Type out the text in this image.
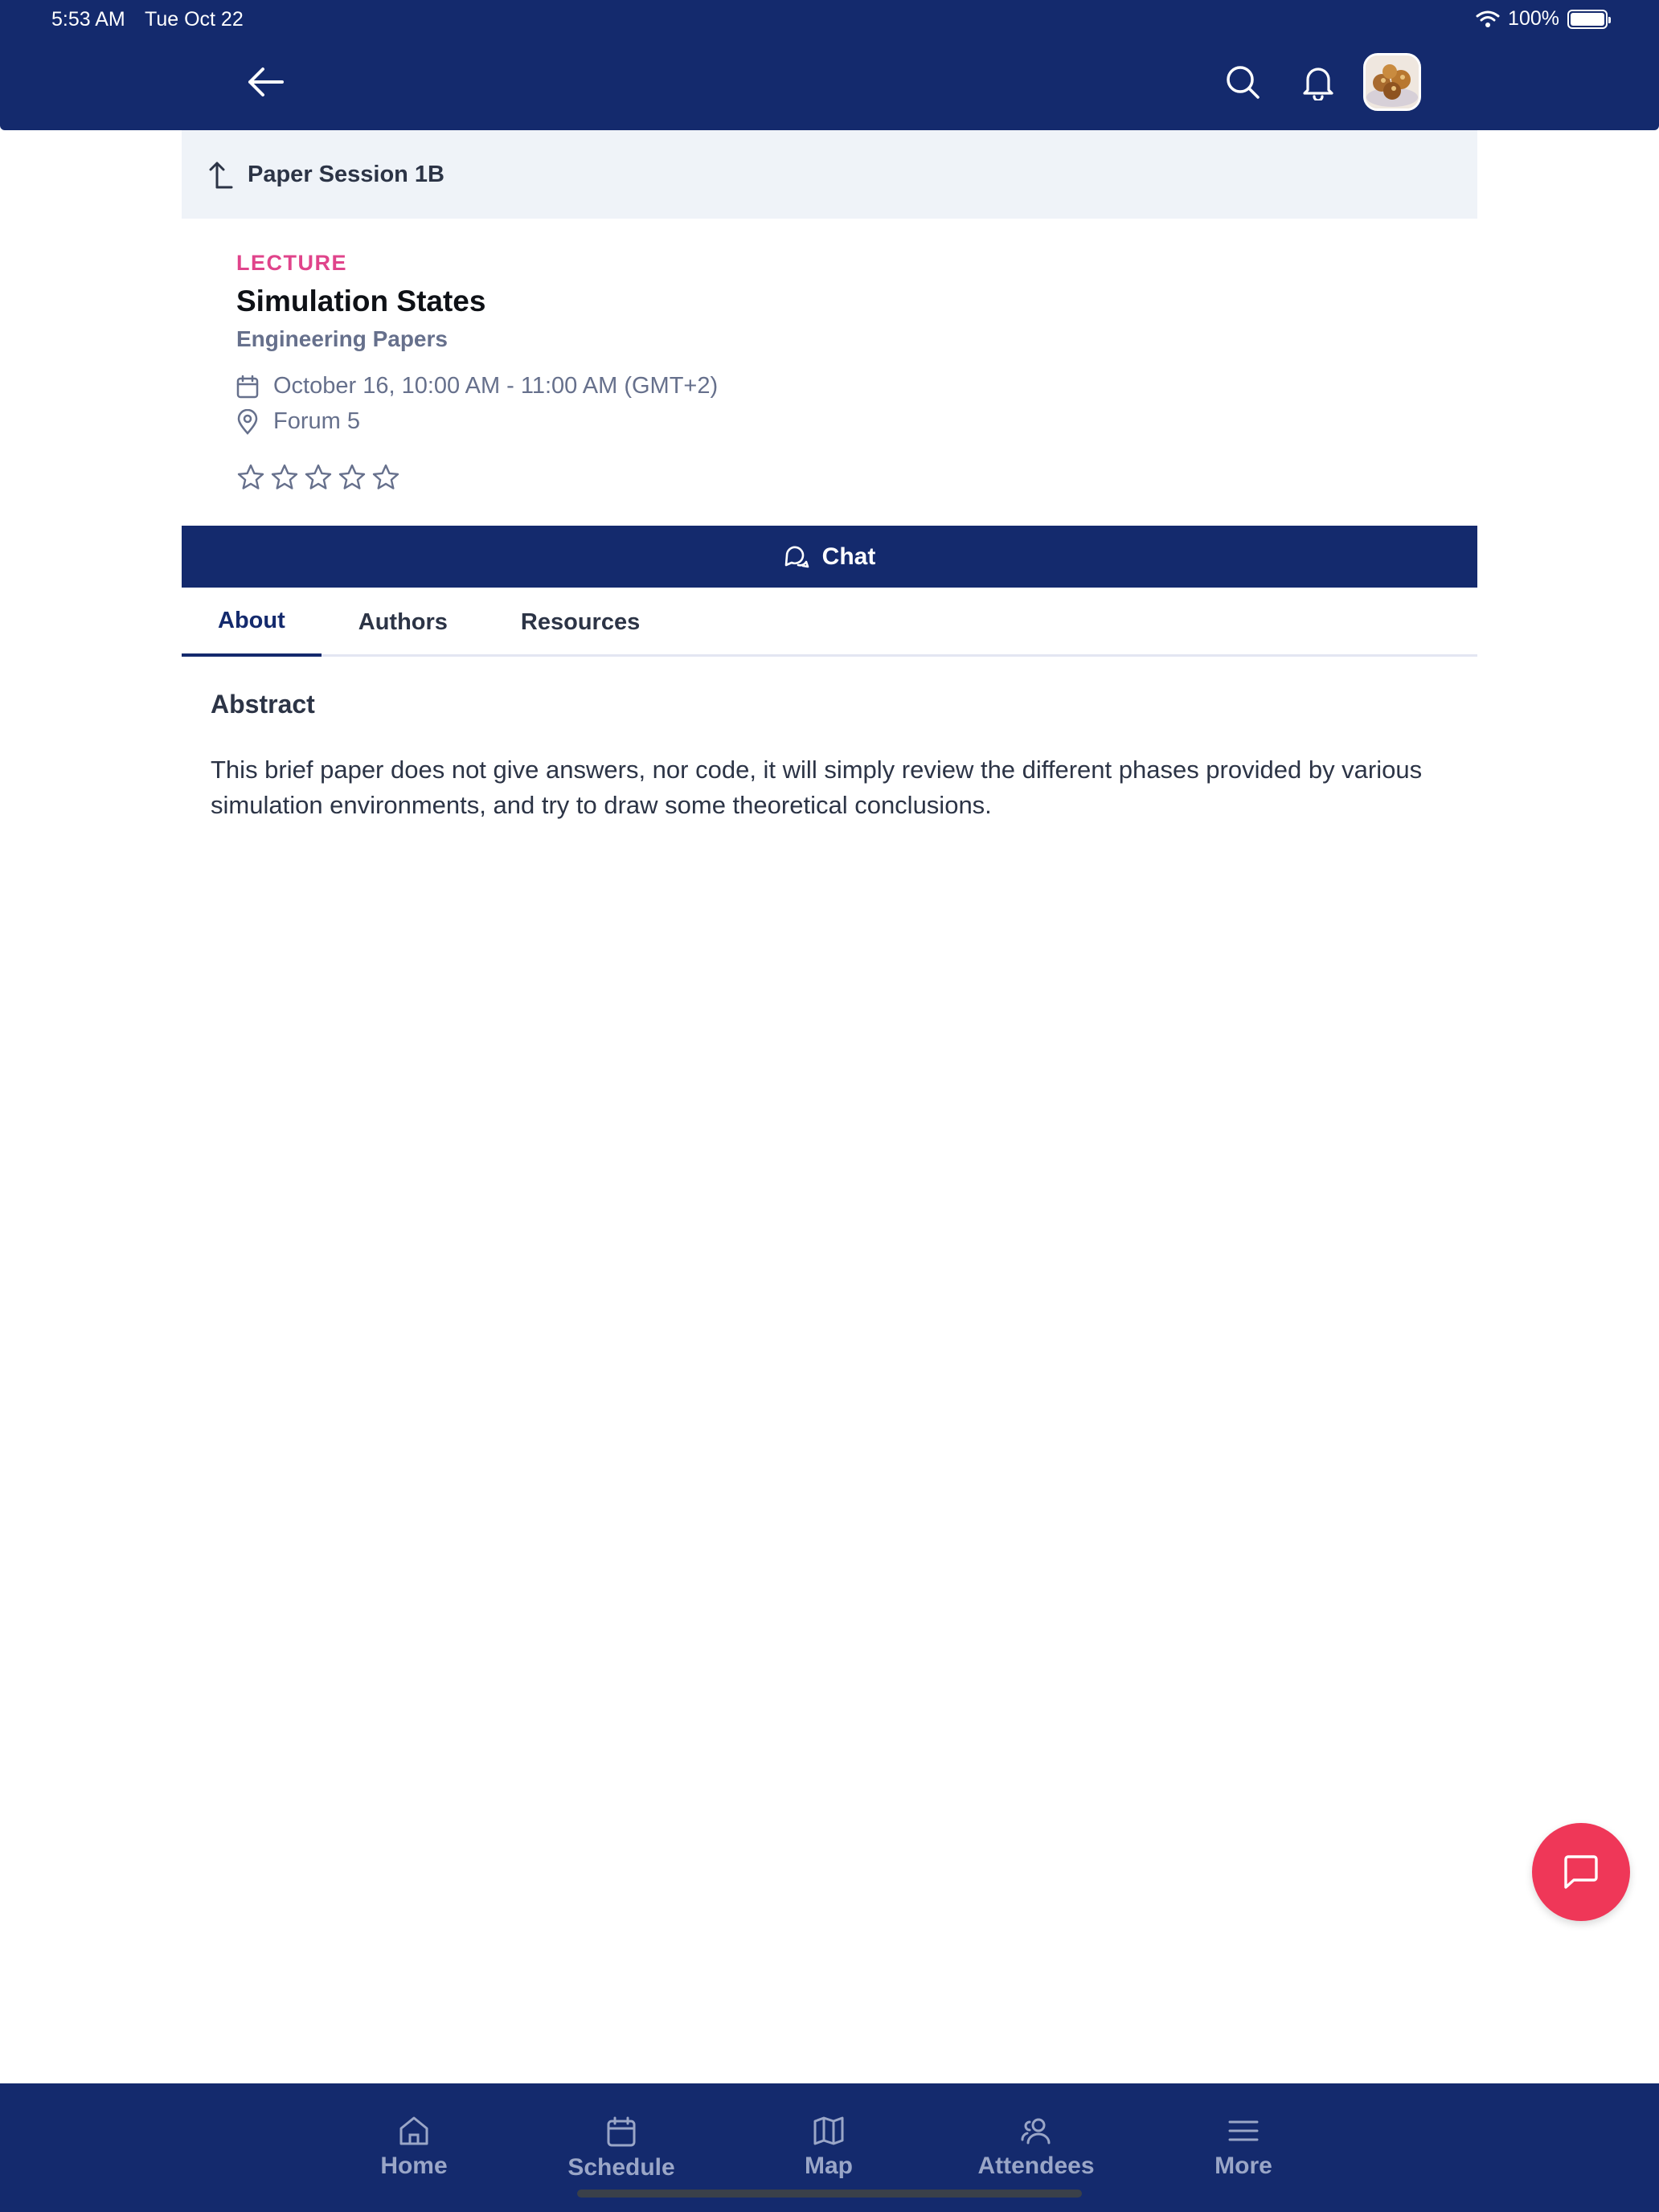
5:53 AM Tue Oct 22	100%
Paper Session 1B
LECTURE
Simulation States
Engineering Papers
October 16, 10:00 AM - 11:00 AM (GMT+2)
Forum 5
Chat
About	Authors	Resources
Abstract
This brief paper does not give answers, nor code, it will simply review the different phases provided by various simulation environments, and try to draw some theoretical conclusions.
Home	Schedule	Map	Attendees	More
